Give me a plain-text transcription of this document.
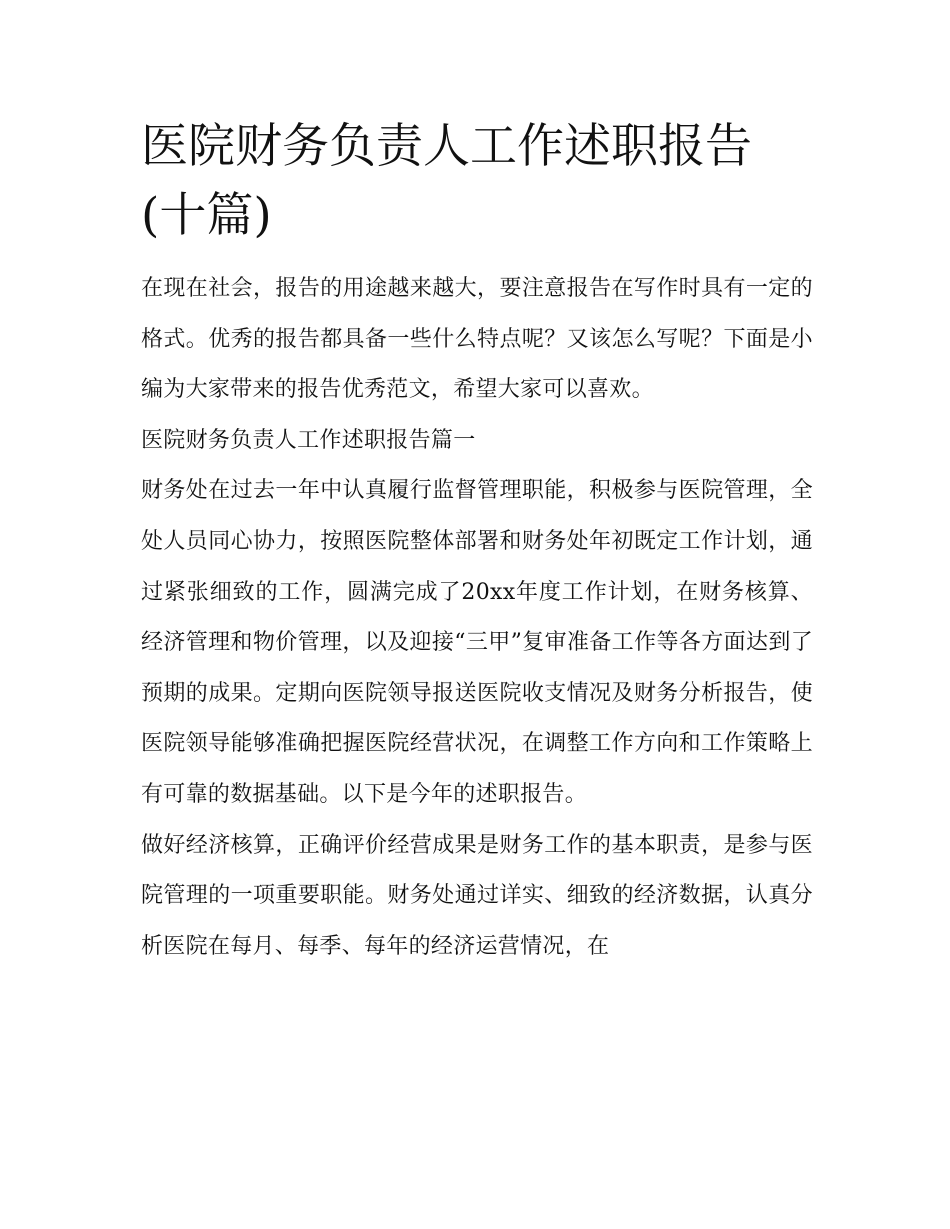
医院财务负责人工作述职报告(十篇)

在现在社会，报告的用途越来越大，要注意报告在写作时具有一定的格式。优秀的报告都具备一些什么特点呢？又该怎么写呢？下面是小编为大家带来的报告优秀范文，希望大家可以喜欢。

医院财务负责人工作述职报告篇一

财务处在过去一年中认真履行监督管理职能，积极参与医院管理，全处人员同心协力，按照医院整体部署和财务处年初既定工作计划，通过紧张细致的工作，圆满完成了20xx年度工作计划，在财务核算、经济管理和物价管理，以及迎接“三甲”复审准备工作等各方面达到了预期的成果。定期向医院领导报送医院收支情况及财务分析报告，使医院领导能够准确把握医院经营状况，在调整工作方向和工作策略上有可靠的数据基础。以下是今年的述职报告。

做好经济核算，正确评价经营成果是财务工作的基本职责，是参与医院管理的一项重要职能。财务处通过详实、细致的经济数据，认真分析医院在每月、每季、每年的经济运营情况，在
